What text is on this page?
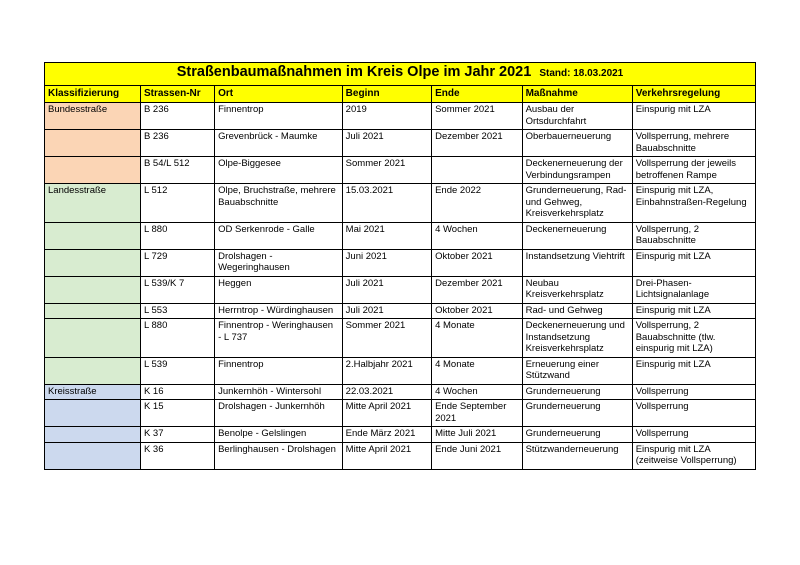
Straßenbaumaßnahmen im Kreis Olpe im Jahr 2021 Stand: 18.03.2021						
Klassifizierung	Strassen-Nr	Ort	Beginn	Ende	Maßnahme	Verkehrsregelung
Bundesstraße	B 236	Finnentrop	2019	Sommer 2021	Ausbau der Ortsdurchfahrt	Einspurig mit LZA
	B 236	Grevenbrück - Maumke	Juli 2021	Dezember 2021	Oberbauerneuerung	Vollsperrung, mehrere Bauabschnitte
	B 54/L 512	Olpe-Biggesee	Sommer 2021		Deckenerneuerung der Verbindungsrampen	Vollsperrung der jeweils betroffenen Rampe
Landesstraße	L 512	Olpe, Bruchstraße, mehrere Bauabschnitte	15.03.2021	Ende 2022	Grunderneuerung, Rad- und Gehweg, Kreisverkehrsplatz	Einspurig mit LZA, Einbahnstraßen-Regelung
	L 880	OD Serkenrode - Galle	Mai 2021	4 Wochen	Deckenerneuerung	Vollsperrung, 2 Bauabschnitte
	L 729	Drolshagen - Wegeringhausen	Juni 2021	Oktober 2021	Instandsetzung Viehtrift	Einspurig mit LZA
	L 539/K 7	Heggen	Juli 2021	Dezember 2021	Neubau Kreisverkehrsplatz	Drei-Phasen-Lichtsignalanlage
	L 553	Herrntrop - Würdinghausen	Juli 2021	Oktober 2021	Rad- und Gehweg	Einspurig mit LZA
	L 880	Finnentrop - Weringhausen - L 737	Sommer 2021	4 Monate	Deckenerneuerung und Instandsetzung Kreisverkehrsplatz	Vollsperrung, 2 Bauabschnitte (tlw. einspurig mit LZA)
	L 539	Finnentrop	2.Halbjahr 2021	4 Monate	Erneuerung einer Stützwand	Einspurig mit LZA
Kreisstraße	K 16	Junkernhöh - Wintersohl	22.03.2021	4 Wochen	Grunderneuerung	Vollsperrung
	K 15	Drolshagen - Junkernhöh	Mitte April 2021	Ende September 2021	Grunderneuerung	Vollsperrung
	K 37	Benolpe - Gelslingen	Ende März 2021	Mitte Juli 2021	Grunderneuerung	Vollsperrung
	K 36	Berlinghausen - Drolshagen	Mitte April 2021	Ende Juni 2021	Stützwanderneuerung	Einspurig mit LZA (zeitweise Vollsperrung)
